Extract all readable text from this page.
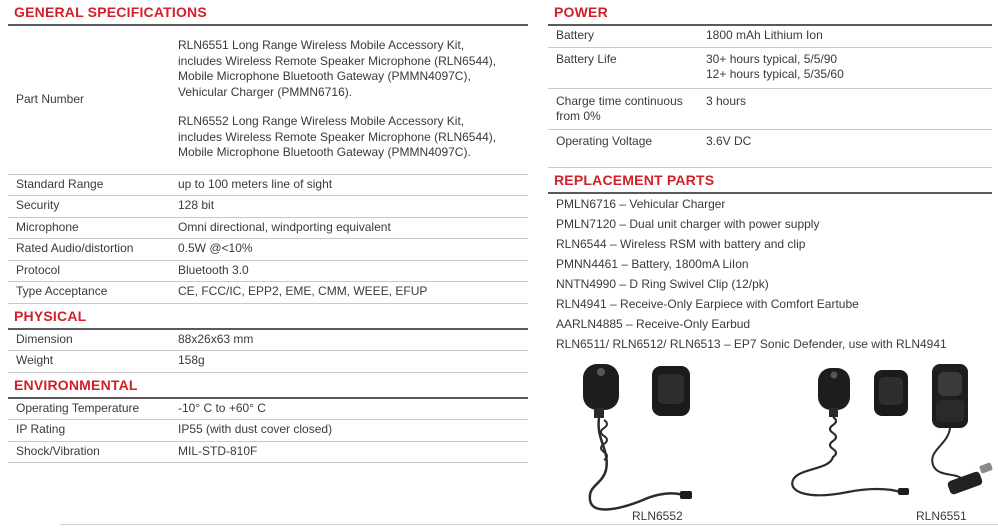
GENERAL SPECIFICATIONS
Part Number	RLN6551 Long Range Wireless Mobile Accessory Kit, includes Wireless Remote Speaker Microphone (RLN6544), Mobile Microphone Bluetooth Gateway (PMMN4097C), Vehicular Charger (PMMN6716).
RLN6552 Long Range Wireless Mobile Accessory Kit, includes Wireless Remote Speaker Microphone (RLN6544), Mobile Microphone Bluetooth Gateway (PMMN4097C).

Standard Range	up to 100 meters line of sight
Security	128 bit
Microphone	Omni directional, windporting equivalent
Rated Audio/distortion	0.5W @<10%
Protocol	Bluetooth 3.0
Type Acceptance	CE, FCC/IC, EPP2, EME, CMM, WEEE, EFUP
PHYSICAL
Dimension	88x26x63 mm
Weight	158g
ENVIRONMENTAL
Operating Temperature	-10° C to +60° C
IP Rating	IP55 (with dust cover closed)
Shock/Vibration	MIL-STD-810F
POWER
Battery	1800 mAh Lithium Ion
Battery Life	30+ hours typical, 5/5/90
12+ hours typical, 5/35/60

Charge time continuous
from 0%	3 hours
Operating Voltage	3.6V DC
REPLACEMENT PARTS
PMLN6716 – Vehicular Charger
PMLN7120 – Dual unit charger with power supply
RLN6544 – Wireless RSM with battery and clip
PMNN4461 – Battery, 1800mA LiIon
NNTN4990 – D Ring Swivel Clip (12/pk)
RLN4941 – Receive-Only Earpiece with Comfort Eartube
AARLN4885 – Receive-Only Earbud
RLN6511/ RLN6512/ RLN6513 – EP7 Sonic Defender, use with RLN4941
RLN6552	RLN6551
